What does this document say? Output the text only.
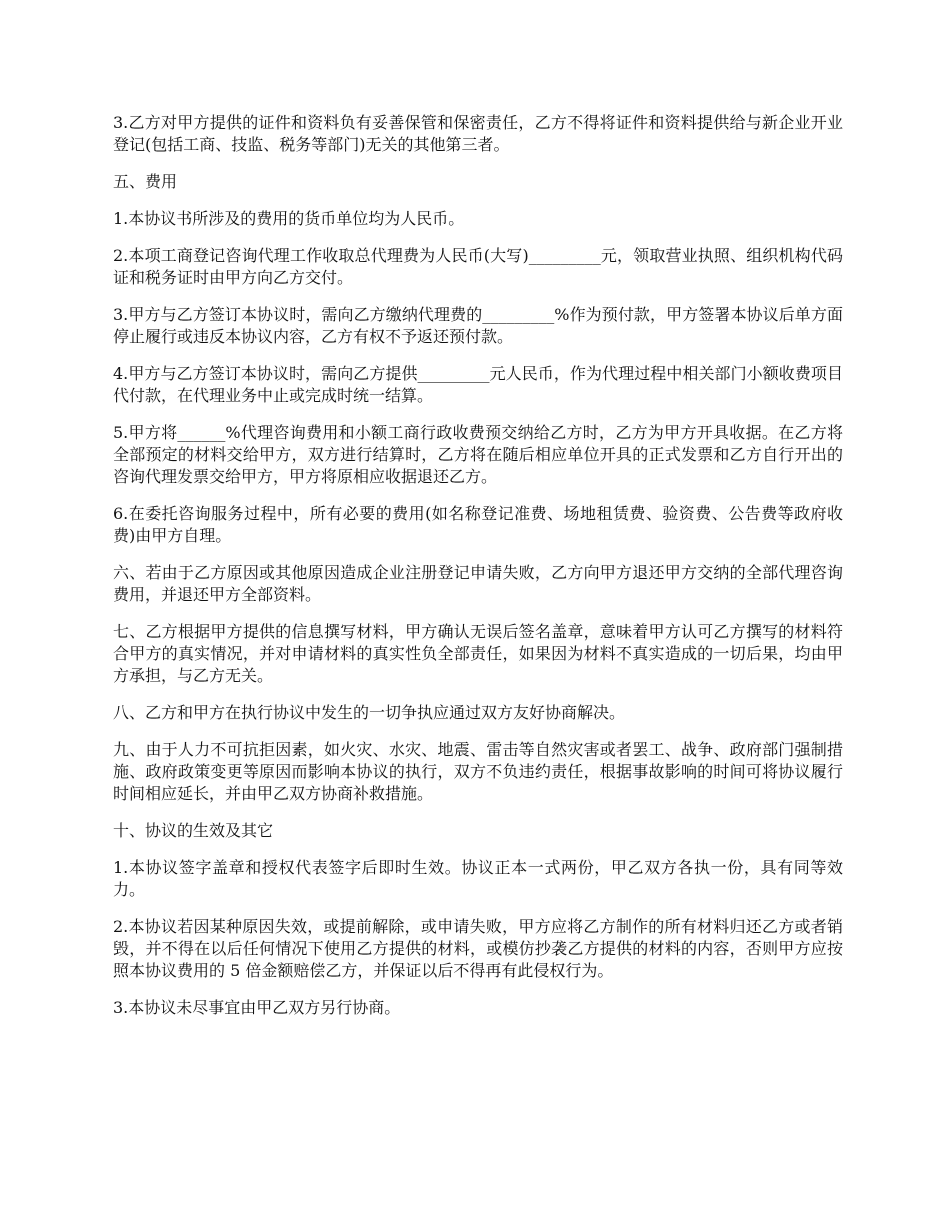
3.乙方对甲方提供的证件和资料负有妥善保管和保密责任，乙方不得将证件和资料提供给与新企业开业登记(包括工商、技监、税务等部门)无关的其他第三者。

五、费用

1.本协议书所涉及的费用的货币单位均为人民币。

2.本项工商登记咨询代理工作收取总代理费为人民币(大写)_________元，领取营业执照、组织机构代码证和税务证时由甲方向乙方交付。

3.甲方与乙方签订本协议时，需向乙方缴纳代理费的_________%作为预付款，甲方签署本协议后单方面停止履行或违反本协议内容，乙方有权不予返还预付款。

4.甲方与乙方签订本协议时，需向乙方提供_________元人民币，作为代理过程中相关部门小额收费项目代付款，在代理业务中止或完成时统一结算。

5.甲方将______%代理咨询费用和小额工商行政收费预交纳给乙方时，乙方为甲方开具收据。在乙方将全部预定的材料交给甲方，双方进行结算时，乙方将在随后相应单位开具的正式发票和乙方自行开出的咨询代理发票交给甲方，甲方将原相应收据退还乙方。

6.在委托咨询服务过程中，所有必要的费用(如名称登记准费、场地租赁费、验资费、公告费等政府收费)由甲方自理。

六、若由于乙方原因或其他原因造成企业注册登记申请失败，乙方向甲方退还甲方交纳的全部代理咨询费用，并退还甲方全部资料。

七、乙方根据甲方提供的信息撰写材料，甲方确认无误后签名盖章，意味着甲方认可乙方撰写的材料符合甲方的真实情况，并对申请材料的真实性负全部责任，如果因为材料不真实造成的一切后果，均由甲方承担，与乙方无关。

八、乙方和甲方在执行协议中发生的一切争执应通过双方友好协商解决。

九、由于人力不可抗拒因素，如火灾、水灾、地震、雷击等自然灾害或者罢工、战争、政府部门强制措施、政府政策变更等原因而影响本协议的执行，双方不负违约责任，根据事故影响的时间可将协议履行时间相应延长，并由甲乙双方协商补救措施。

十、协议的生效及其它

1.本协议签字盖章和授权代表签字后即时生效。协议正本一式两份，甲乙双方各执一份，具有同等效力。

2.本协议若因某种原因失效，或提前解除，或申请失败，甲方应将乙方制作的所有材料归还乙方或者销毁，并不得在以后任何情况下使用乙方提供的材料，或模仿抄袭乙方提供的材料的内容，否则甲方应按照本协议费用的 5 倍金额赔偿乙方，并保证以后不得再有此侵权行为。

3.本协议未尽事宜由甲乙双方另行协商。
